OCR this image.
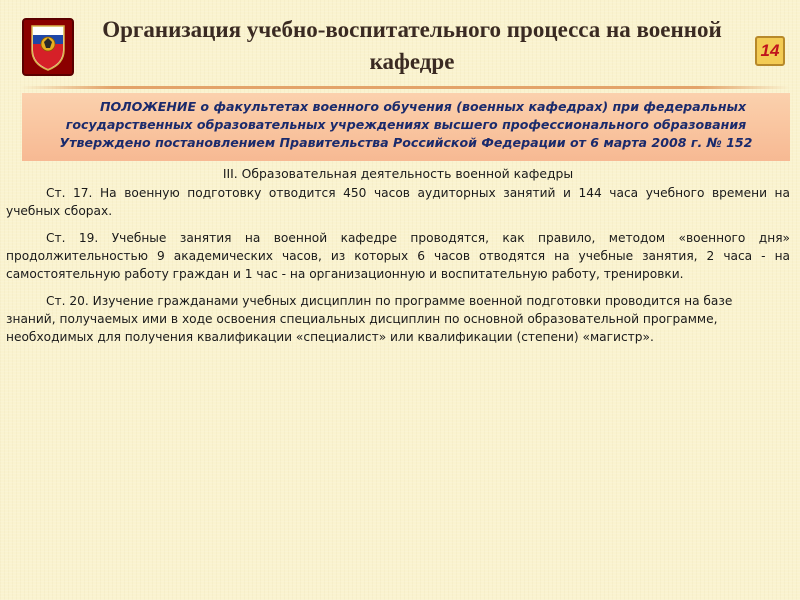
Организация учебно-воспитательного процесса на военной кафедре	14
ПОЛОЖЕНИЕ о факультетах военного обучения (военных кафедрах) при федеральных
государственных образовательных учреждениях высшего профессионального образования
Утверждено постановлением Правительства Российской Федерации от 6 марта 2008 г. № 152

III. Образовательная деятельность военной кафедры

Ст. 17. На военную подготовку отводится 450 часов аудиторных занятий и 144 часа учебного времени на учебных сборах.

Ст. 19. Учебные занятия на военной кафедре проводятся, как правило, методом «военного дня» продолжительностью 9 академических часов, из которых 6 часов отводятся на учебные занятия, 2 часа - на самостоятельную работу граждан и 1 час - на организационную и воспитательную работу, тренировки.

Ст. 20. Изучение гражданами учебных дисциплин по программе военной подготовки проводится на базе знаний, получаемых ими в ходе освоения специальных дисциплин по основной образовательной программе, необходимых для получения квалификации «специалист» или квалификации (степени) «магистр».
